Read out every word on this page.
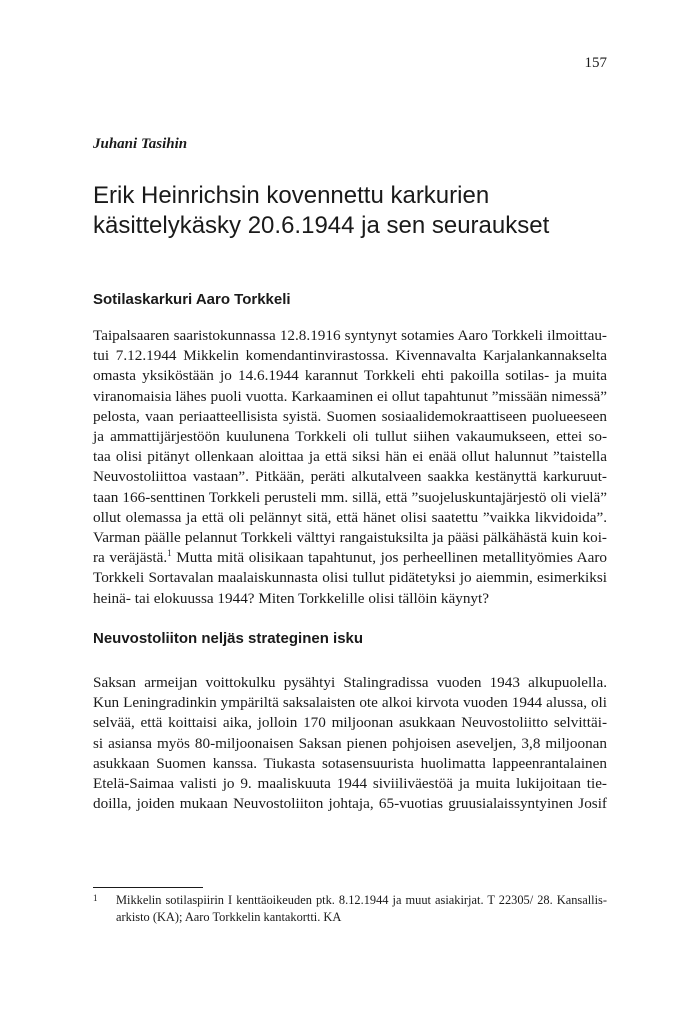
157
Juhani Tasihin
Erik Heinrichsin kovennettu karkurien
käsittelykäsky 20.6.1944 ja sen seuraukset
Sotilaskarkuri Aaro Torkkeli
Taipalsaaren saaristokunnassa 12.8.1916 syntynyt sotamies Aaro Torkkeli ilmoittau-
tui 7.12.1944 Mikkelin komendantinvirastossa. Kivennavalta Karjalankannakselta
omasta yksiköstään jo 14.6.1944 karannut Torkkeli ehti pakoilla sotilas- ja muita
viranomaisia lähes puoli vuotta. Karkaaminen ei ollut tapahtunut ”missään nimessä”
pelosta, vaan periaatteellisista syistä. Suomen sosiaalidemokraattiseen puolueeseen
ja ammattijärjestöön kuulunena Torkkeli oli tullut siihen vakaumukseen, ettei so-
taa olisi pitänyt ollenkaan aloittaa ja että siksi hän ei enää ollut halunnut ”taistella
Neuvostoliittoa vastaan”. Pitkään, peräti alkutalveen saakka kestänyttä karkuruut-
taan 166-senttinen Torkkeli perusteli mm. sillä, että ”suojeluskuntajärjestö oli vielä”
ollut olemassa ja että oli pelännyt sitä, että hänet olisi saatettu ”vaikka likvidoida”.
Varman päälle pelannut Torkkeli välttyi rangaistuksilta ja pääsi pälkähästä kuin koi-
ra veräjästä.$^1$ Mutta mitä olisikaan tapahtunut, jos perheellinen metallityömies Aaro
Torkkeli Sortavalan maalaiskunnasta olisi tullut pidätetyksi jo aiemmin, esimerkiksi
heinä- tai elokuussa 1944? Miten Torkkelille olisi tällöin käynyt?
Neuvostoliiton neljäs strateginen isku
Saksan armeijan voittokulku pysähtyi Stalingradissa vuoden 1943 alkupuolella.
Kun Leningradinkin ympäriltä saksalaisten ote alkoi kirvota vuoden 1944 alussa, oli
selvää, että koittaisi aika, jolloin 170 miljoonan asukkaan Neuvostoliitto selvittäi-
si asiansa myös 80-miljoonaisen Saksan pienen pohjoisen aseveljen, 3,8 miljoonan
asukkaan Suomen kanssa. Tiukasta sotasensuurista huolimatta lappeenrantalainen
Etelä-Saimaa valisti jo 9. maaliskuuta 1944 siviiliväestöä ja muita lukijoitaan tie-
doilla, joiden mukaan Neuvostoliiton johtaja, 65-vuotias gruusialaissyntyinen Josif
1 Mikkelin sotilaspiirin I kenttäoikeuden ptk. 8.12.1944 ja muut asiakirjat. T 22305/ 28. Kansallis-
arkisto (KA); Aaro Torkkelin kantakortti. KA
